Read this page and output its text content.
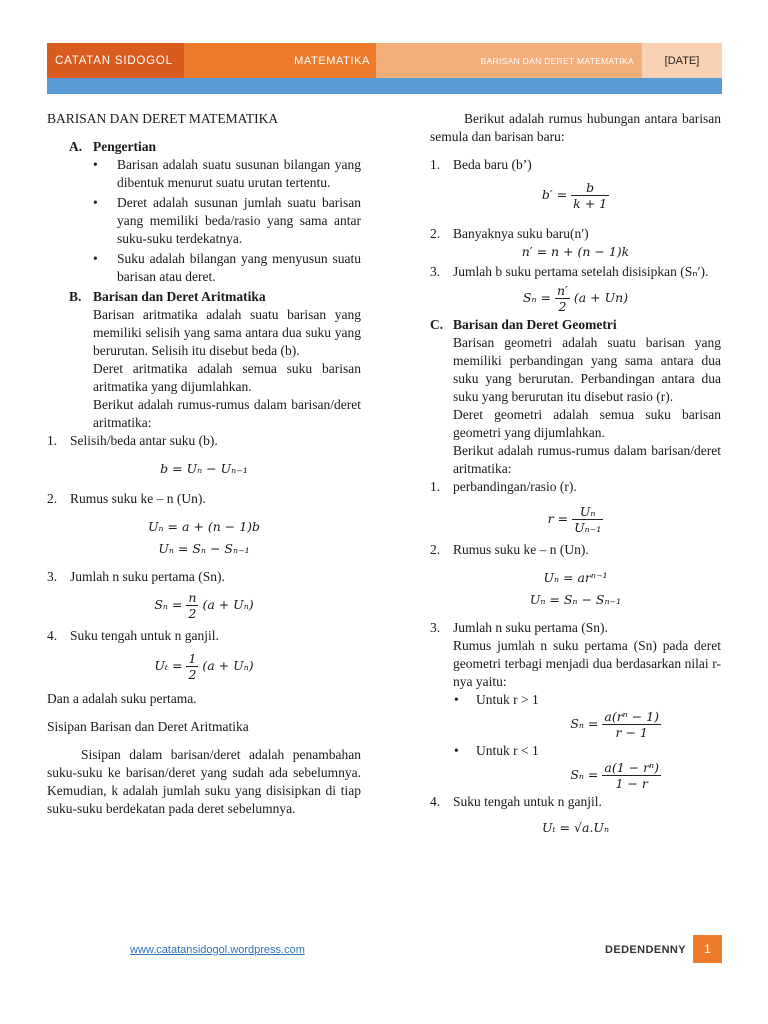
CATATAN SIDOGOL	MATEMATIKA	BARISAN DAN DERET MATEMATIKA	[DATE]

BARISAN DAN DERET MATEMATIKA

A. Pengertian
• Barisan adalah suatu susunan bilangan yang dibentuk menurut suatu urutan tertentu.
• Deret adalah susunan jumlah suatu barisan yang memiliki beda/rasio yang sama antar suku-suku terdekatnya.
• Suku adalah bilangan yang menyusun suatu barisan atau deret.
B. Barisan dan Deret Aritmatika

Barisan aritmatika adalah suatu barisan yang memiliki selisih yang sama antara dua suku yang berurutan. Selisih itu disebut beda (b).

Deret aritmatika adalah semua suku barisan aritmatika yang dijumlahkan.

Berikut adalah rumus-rumus dalam barisan/deret aritmatika:

1. Selisih/beda antar suku (b).
b = Uₙ − Uₙ₋₁
2. Rumus suku ke – n (Un).
Uₙ = a + (n − 1)b
Uₙ = Sₙ − Sₙ₋₁
3. Jumlah n suku pertama (Sn).
$S_n = \frac{n}{2} (a + U_n)$
4. Suku tengah untuk n ganjil.
$U_t = \frac{1}{2} (a + U_n)$

Dan a adalah suku pertama.

Sisipan Barisan dan Deret Aritmatika

Sisipan dalam barisan/deret adalah penambahan suku-suku ke barisan/deret yang sudah ada sebelumnya. Kemudian, k adalah jumlah suku yang disisipkan di tiap suku-suku berdekatan pada deret sebelumnya.

Berikut adalah rumus hubungan antara barisan semula dan barisan baru:

1. Beda baru (b’)
$b' = \frac{b}{k + 1}$
2. Banyaknya suku baru(n′)
n′ = n + (n − 1)k
3. Jumlah b suku pertama setelah disisipkan (Sₙ′).
$S_n = \frac{n'}{2} (a + Un)$
C. Barisan dan Deret Geometri

Barisan geometri adalah suatu barisan yang memiliki perbandingan yang sama antara dua suku yang berurutan. Perbandingan antara dua suku yang berurutan itu disebut rasio (r).

Deret geometri adalah semua suku barisan geometri yang dijumlahkan.

Berikut adalah rumus-rumus dalam barisan/deret aritmatika:

1. perbandingan/rasio (r).
$r = \frac{\text{Uₙ}}{\text{Uₙ₋₁}}$
2. Rumus suku ke – n (Un).
Uₙ = arⁿ⁻¹
Uₙ = Sₙ − Sₙ₋₁
3. Jumlah n suku pertama (Sn).

Rumus jumlah n suku pertama (Sn) pada deret geometri terbagi menjadi dua berdasarkan nilai r-nya yaitu:

• Untuk r > 1
$S_n = \frac{\text{a(rⁿ − 1)}}{r - 1}$
• Untuk r < 1
$S_n = \frac{\text{a(1 − rⁿ)}}{1 - r}$
4. Suku tengah untuk n ganjil.
Uₜ = √a.Uₙ
www.catatansidogol.wordpress.com	DEDENDENNY	1
